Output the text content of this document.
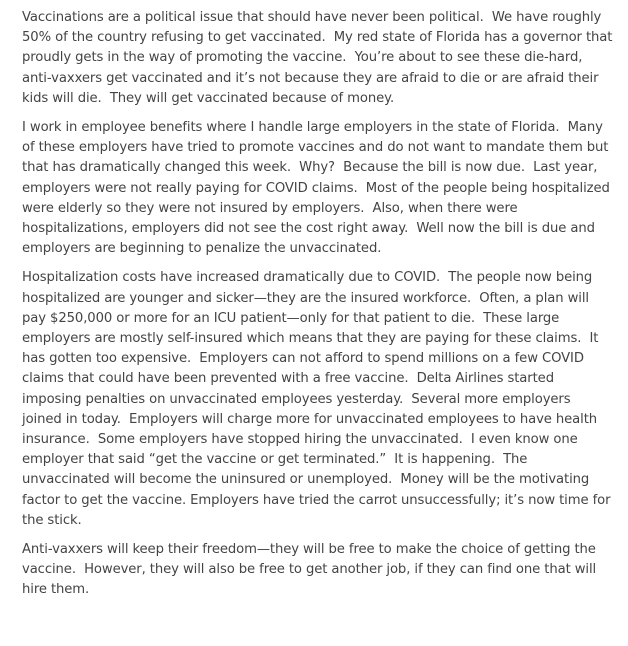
Vaccinations are a political issue that should have never been political.  We have roughly 50% of the country refusing to get vaccinated.  My red state of Florida has a governor that proudly gets in the way of promoting the vaccine.  You’re about to see these die-hard, anti-vaxxers get vaccinated and it’s not because they are afraid to die or are afraid their kids will die.  They will get vaccinated because of money.

I work in employee benefits where I handle large employers in the state of Florida.  Many of these employers have tried to promote vaccines and do not want to mandate them but that has dramatically changed this week.  Why?  Because the bill is now due.  Last year, employers were not really paying for COVID claims.  Most of the people being hospitalized were elderly so they were not insured by employers.  Also, when there were hospitalizations, employers did not see the cost right away.  Well now the bill is due and employers are beginning to penalize the unvaccinated.

Hospitalization costs have increased dramatically due to COVID.  The people now being hospitalized are younger and sicker—they are the insured workforce.  Often, a plan will pay $250,000 or more for an ICU patient—only for that patient to die.  These large employers are mostly self-insured which means that they are paying for these claims.  It has gotten too expensive.  Employers can not afford to spend millions on a few COVID claims that could have been prevented with a free vaccine.  Delta Airlines started imposing penalties on unvaccinated employees yesterday.  Several more employers joined in today.  Employers will charge more for unvaccinated employees to have health insurance.  Some employers have stopped hiring the unvaccinated.  I even know one employer that said “get the vaccine or get terminated.”  It is happening.  The unvaccinated will become the uninsured or unemployed.  Money will be the motivating factor to get the vaccine. Employers have tried the carrot unsuccessfully; it’s now time for the stick.

Anti-vaxxers will keep their freedom—they will be free to make the choice of getting the vaccine.  However, they will also be free to get another job, if they can find one that will hire them.
